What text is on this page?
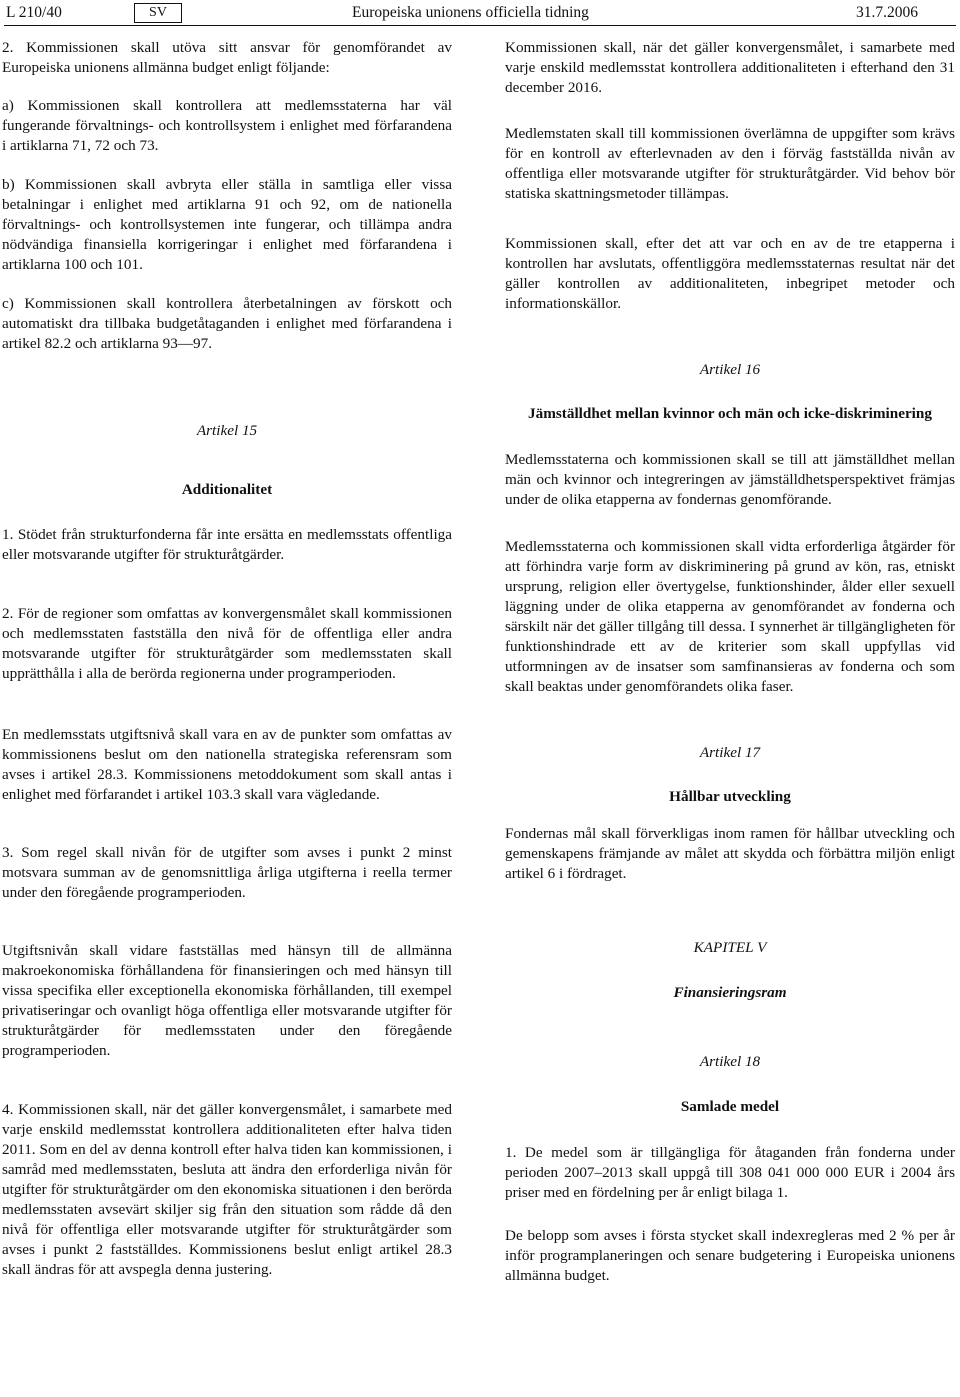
L 210/40	SV	Europeiska unionens officiella tidning	31.7.2006

2. Kommissionen skall utöva sitt ansvar för genomförandet av Europeiska unionens allmänna budget enligt följande:

a) Kommissionen skall kontrollera att medlemsstaterna har väl fungerande förvaltnings- och kontrollsystem i enlighet med förfarandena i artiklarna 71, 72 och 73.

b) Kommissionen skall avbryta eller ställa in samtliga eller vissa betalningar i enlighet med artiklarna 91 och 92, om de nationella förvaltnings- och kontrollsystemen inte fungerar, och tillämpa andra nödvändiga finansiella korrigeringar i enlighet med förfarandena i artiklarna 100 och 101.

c) Kommissionen skall kontrollera återbetalningen av förskott och automatiskt dra tillbaka budgetåtaganden i enlighet med förfarandena i artikel 82.2 och artiklarna 93—97.

Artikel 15

Additionalitet

1. Stödet från strukturfonderna får inte ersätta en medlemsstats offentliga eller motsvarande utgifter för strukturåtgärder.

2. För de regioner som omfattas av konvergensmålet skall kommissionen och medlemsstaten fastställa den nivå för de offentliga eller andra motsvarande utgifter för strukturåtgärder som medlemsstaten skall upprätthålla i alla de berörda regionerna under programperioden.

En medlemsstats utgiftsnivå skall vara en av de punkter som omfattas av kommissionens beslut om den nationella strategiska referensram som avses i artikel 28.3. Kommissionens metoddokument som skall antas i enlighet med förfarandet i artikel 103.3 skall vara vägledande.

3. Som regel skall nivån för de utgifter som avses i punkt 2 minst motsvara summan av de genomsnittliga årliga utgifterna i reella termer under den föregående programperioden.

Utgiftsnivån skall vidare fastställas med hänsyn till de allmänna makroekonomiska förhållandena för finansieringen och med hänsyn till vissa specifika eller exceptionella ekonomiska förhållanden, till exempel privatiseringar och ovanligt höga offentliga eller motsvarande utgifter för strukturåtgärder för medlemsstaten under den föregående programperioden.

4. Kommissionen skall, när det gäller konvergensmålet, i samarbete med varje enskild medlemsstat kontrollera additionaliteten efter halva tiden 2011. Som en del av denna kontroll efter halva tiden kan kommissionen, i samråd med medlemsstaten, besluta att ändra den erforderliga nivån för utgifter för strukturåtgärder om den ekonomiska situationen i den berörda medlemsstaten avsevärt skiljer sig från den situation som rådde då den nivå för offentliga eller motsvarande utgifter för strukturåtgärder som avses i punkt 2 fastställdes. Kommissionens beslut enligt artikel 28.3 skall ändras för att avspegla denna justering.

Kommissionen skall, när det gäller konvergensmålet, i samarbete med varje enskild medlemsstat kontrollera additionaliteten i efterhand den 31 december 2016.

Medlemstaten skall till kommissionen överlämna de uppgifter som krävs för en kontroll av efterlevnaden av den i förväg fastställda nivån av offentliga eller motsvarande utgifter för strukturåtgärder. Vid behov bör statiska skattningsmetoder tillämpas.

Kommissionen skall, efter det att var och en av de tre etapperna i kontrollen har avslutats, offentliggöra medlemsstaternas resultat när det gäller kontrollen av additionaliteten, inbegripet metoder och informationskällor.

Artikel 16

Jämställdhet mellan kvinnor och män och icke-diskriminering

Medlemsstaterna och kommissionen skall se till att jämställdhet mellan män och kvinnor och integreringen av jämställdhetsperspektivet främjas under de olika etapperna av fondernas genomförande.

Medlemsstaterna och kommissionen skall vidta erforderliga åtgärder för att förhindra varje form av diskriminering på grund av kön, ras, etniskt ursprung, religion eller övertygelse, funktionshinder, ålder eller sexuell läggning under de olika etapperna av genomförandet av fonderna och särskilt när det gäller tillgång till dessa. I synnerhet är tillgängligheten för funktionshindrade ett av de kriterier som skall uppfyllas vid utformningen av de insatser som samfinansieras av fonderna och som skall beaktas under genomförandets olika faser.

Artikel 17

Hållbar utveckling

Fondernas mål skall förverkligas inom ramen för hållbar utveckling och gemenskapens främjande av målet att skydda och förbättra miljön enligt artikel 6 i fördraget.

KAPITEL V

Finansieringsram

Artikel 18

Samlade medel

1. De medel som är tillgängliga för åtaganden från fonderna under perioden 2007–2013 skall uppgå till 308 041 000 000 EUR i 2004 års priser med en fördelning per år enligt bilaga 1.

De belopp som avses i första stycket skall indexregleras med 2 % per år inför programplaneringen och senare budgetering i Europeiska unionens allmänna budget.
